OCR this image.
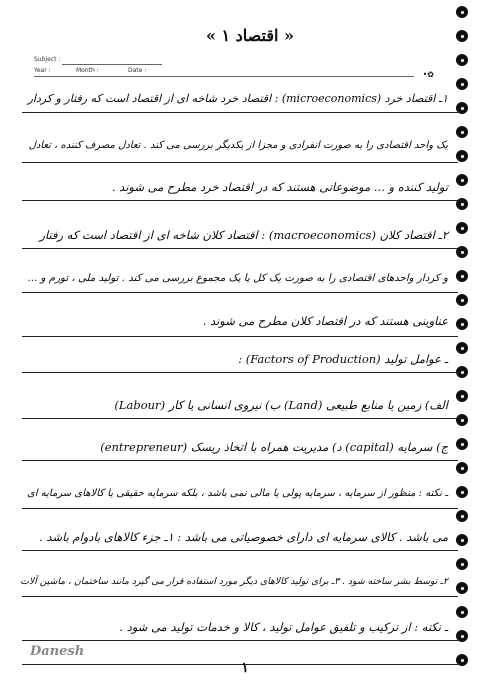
« اقتصاد ۱ »
Subject :
Year :	Month :	Date :	•✿
۱ـ اقتصاد خرد (microeconomics) : اقتصاد خرد شاخه ای از اقتصاد است که رفتار و کردار
یک واحد اقتصادی را به صورت انفرادی و مجزا از یکدیگر بررسی می کند . تعادل مصرف کننده ، تعادل
تولید کننده و ... موضوعاتی هستند که در اقتصاد خرد مطرح می شوند .
۲ـ اقتصاد کلان (macroeconomics) : اقتصاد کلان شاخه ای از اقتصاد است که رفتار
و کردار واحدهای اقتصادی را به صورت یک کل یا یک مجموع بررسی می کند . تولید ملی ، تورم و ...
عناوینی هستند که در اقتصاد کلان مطرح می شوند .
ـ عوامل تولید (Factors of Production) :
الف) زمین یا منابع طبیعی (Land) ب) نیروی انسانی یا کار (Labour)
ج) سرمایه (capital) د) مدیریت همراه با اتخاذ ریسک (entrepreneur)
ـ نکته : منظور از سرمایه ، سرمایه پولی یا مالی نمی باشد ، بلکه سرمایه حقیقی یا کالاهای سرمایه ای
می باشد . کالای سرمایه ای دارای خصوصیاتی می باشد : ۱ـ جزء کالاهای بادوام باشد .
۲ـ توسط بشر ساخته شود . ۳ـ برای تولید کالاهای دیگر مورد استفاده قرار می گیرد مانند ساختمان ، ماشین آلات
ـ نکته : از ترکیب و تلفیق عوامل تولید ، کالا و خدمات تولید می شود .
Danesh
۱
